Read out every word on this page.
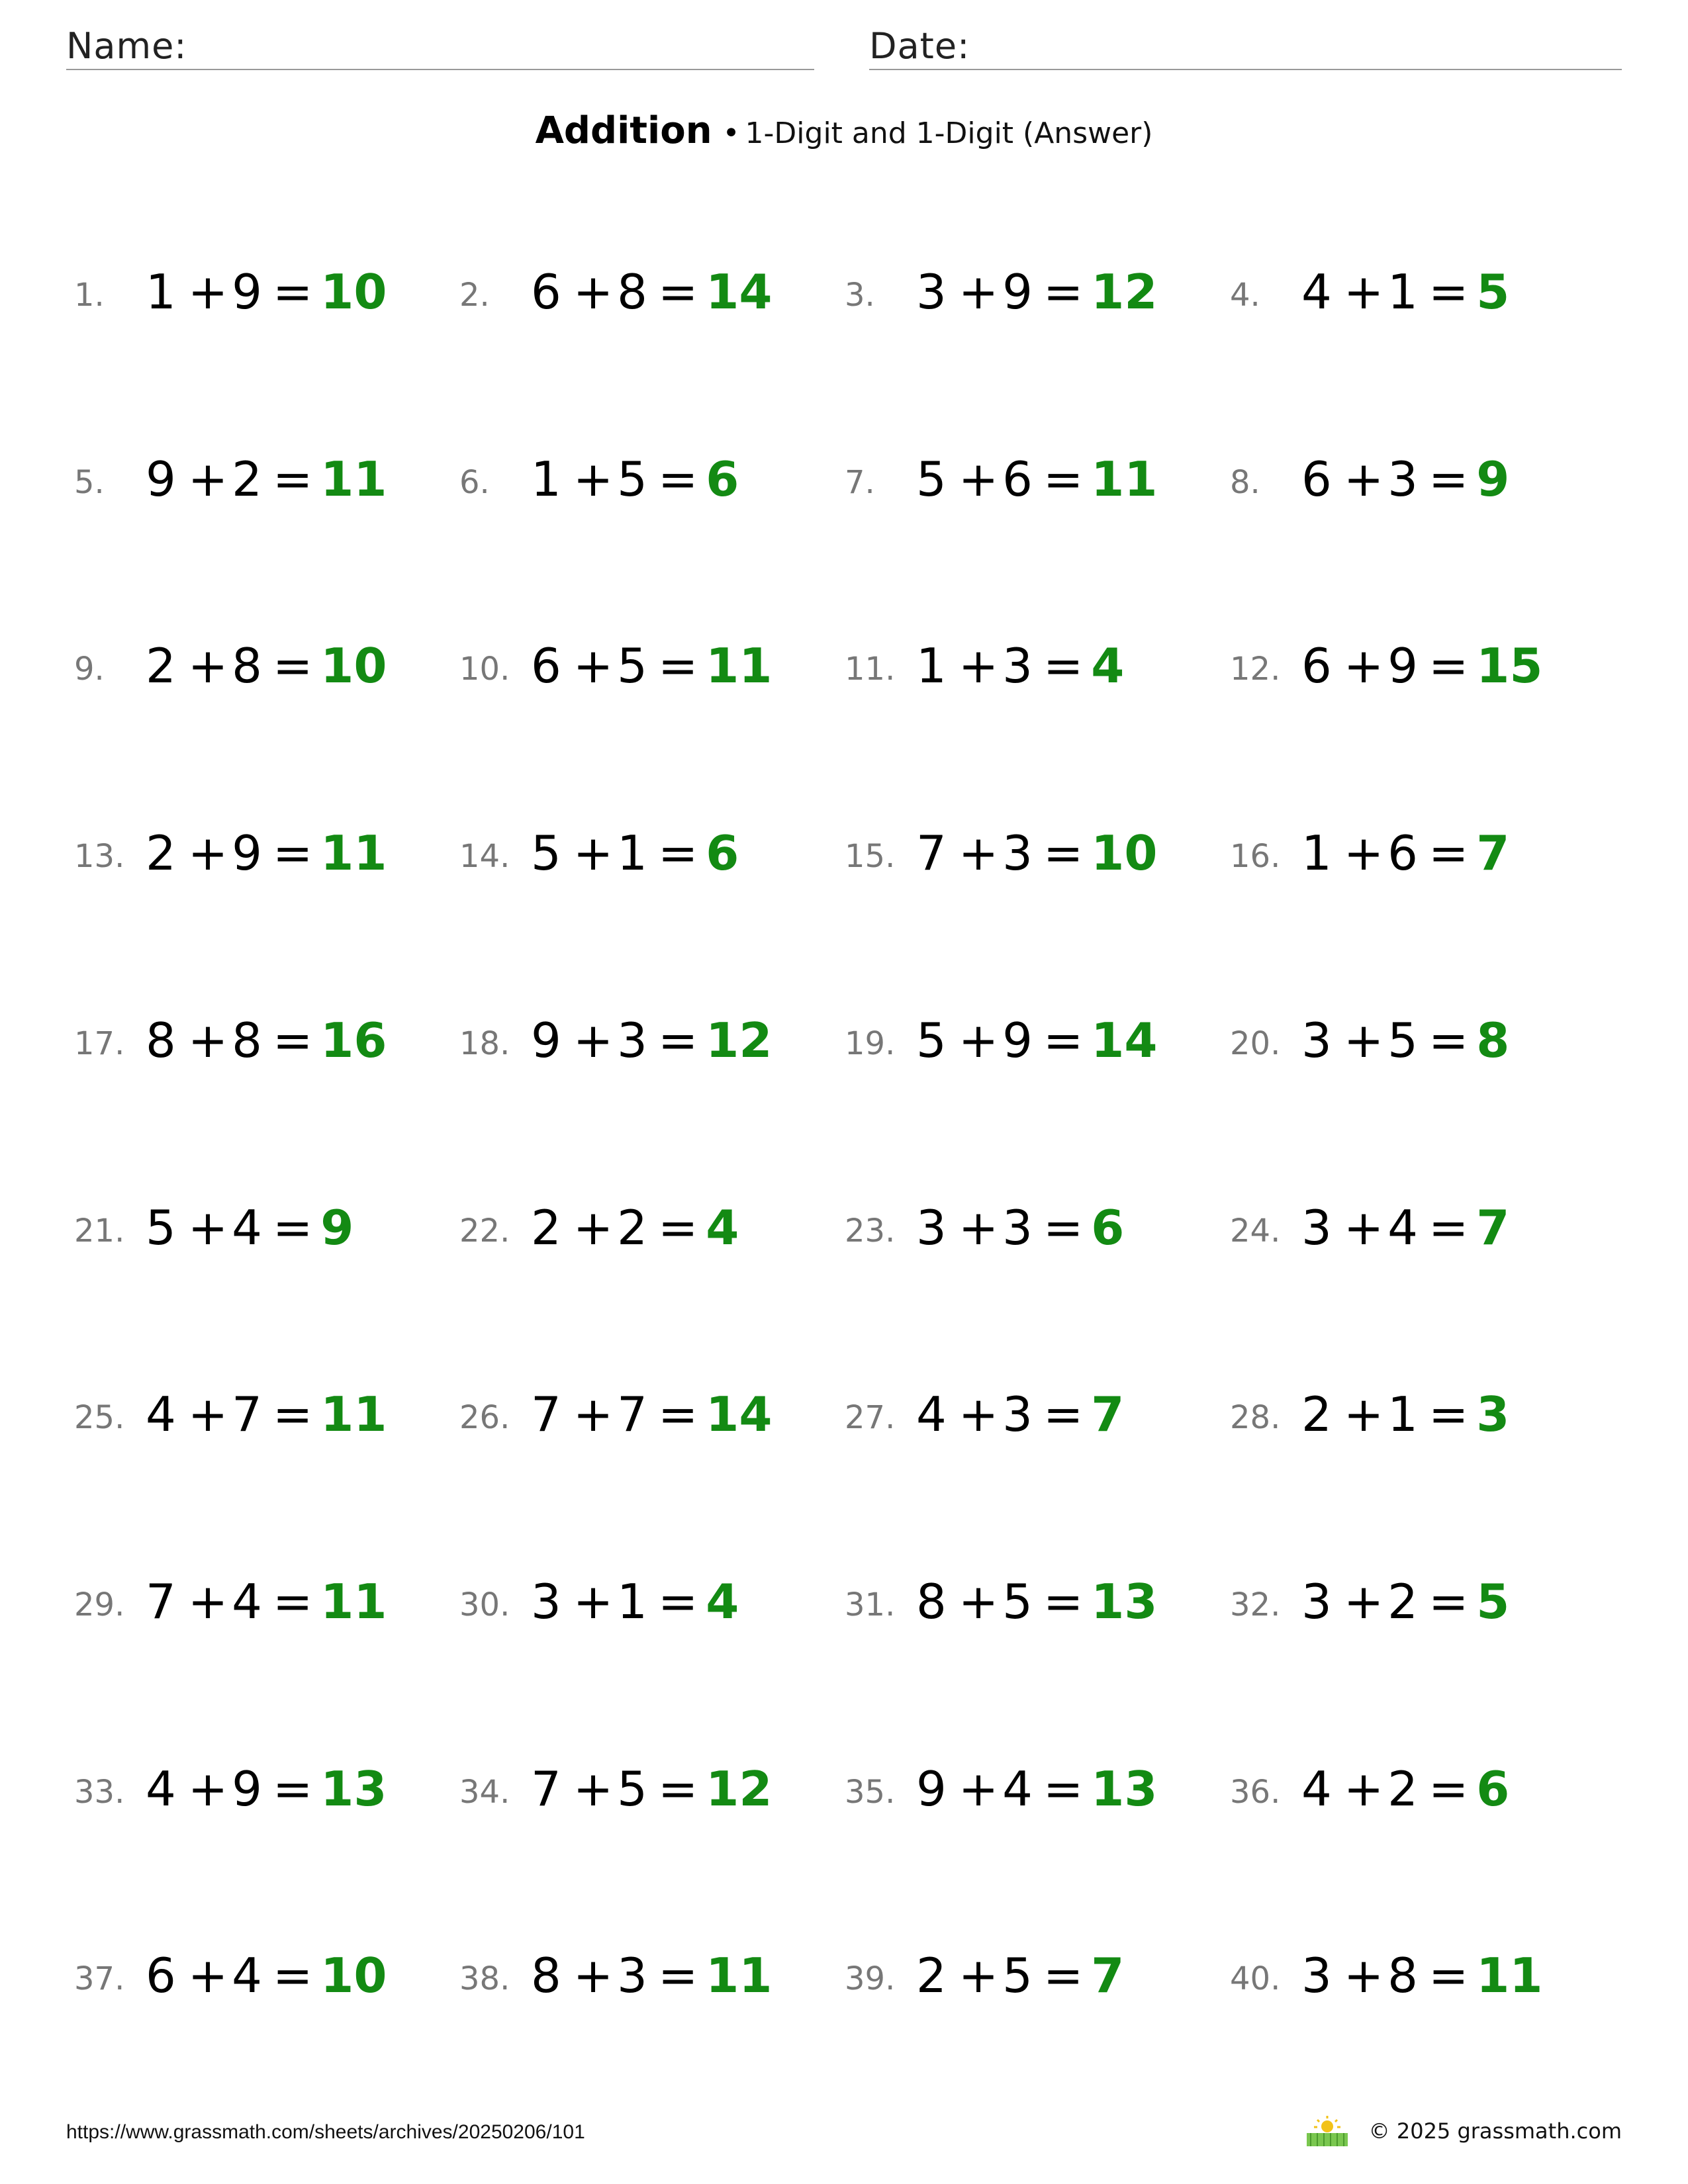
Name:	Date:
Addition • 1-Digit and 1-Digit (Answer)
1. 1 +9 = 10 2. 6 +8 = 14 3. 3 +9 = 12 4. 4 +1 = 5
5. 9 +2 = 11 6. 1 +5 = 6	7. 5 +6 = 11 8. 6 +3 = 9
9. 2 +8 = 10 10. 6 +5 = 11 11. 1 +3 = 4	12. 6 +9 = 15
13. 2 +9 = 11 14. 5 +1 = 6	15. 7 +3 = 10 16. 1 +6 = 7
17. 8 +8 = 16 18. 9 +3 = 12 19. 5 +9 = 14 20. 3 +5 = 8
21. 5 +4 = 9	22. 2 +2 = 4	23. 3 +3 = 6	24. 3 +4 = 7
25. 4 +7 = 11 26. 7 +7 = 14 27. 4 +3 = 7	28. 2 +1 = 3
29. 7 +4 = 11 30. 3 +1 = 4	31. 8 +5 = 13 32. 3 +2 = 5
33. 4 +9 = 13 34. 7 +5 = 12 35. 9 +4 = 13 36. 4 +2 = 6
37. 6 +4 = 10 38. 8 +3 = 11 39. 2 +5 = 7	40. 3 +8 = 11
https://www.grassmath.com/sheets/archives/20250206/101	© 2025 grassmath.com
